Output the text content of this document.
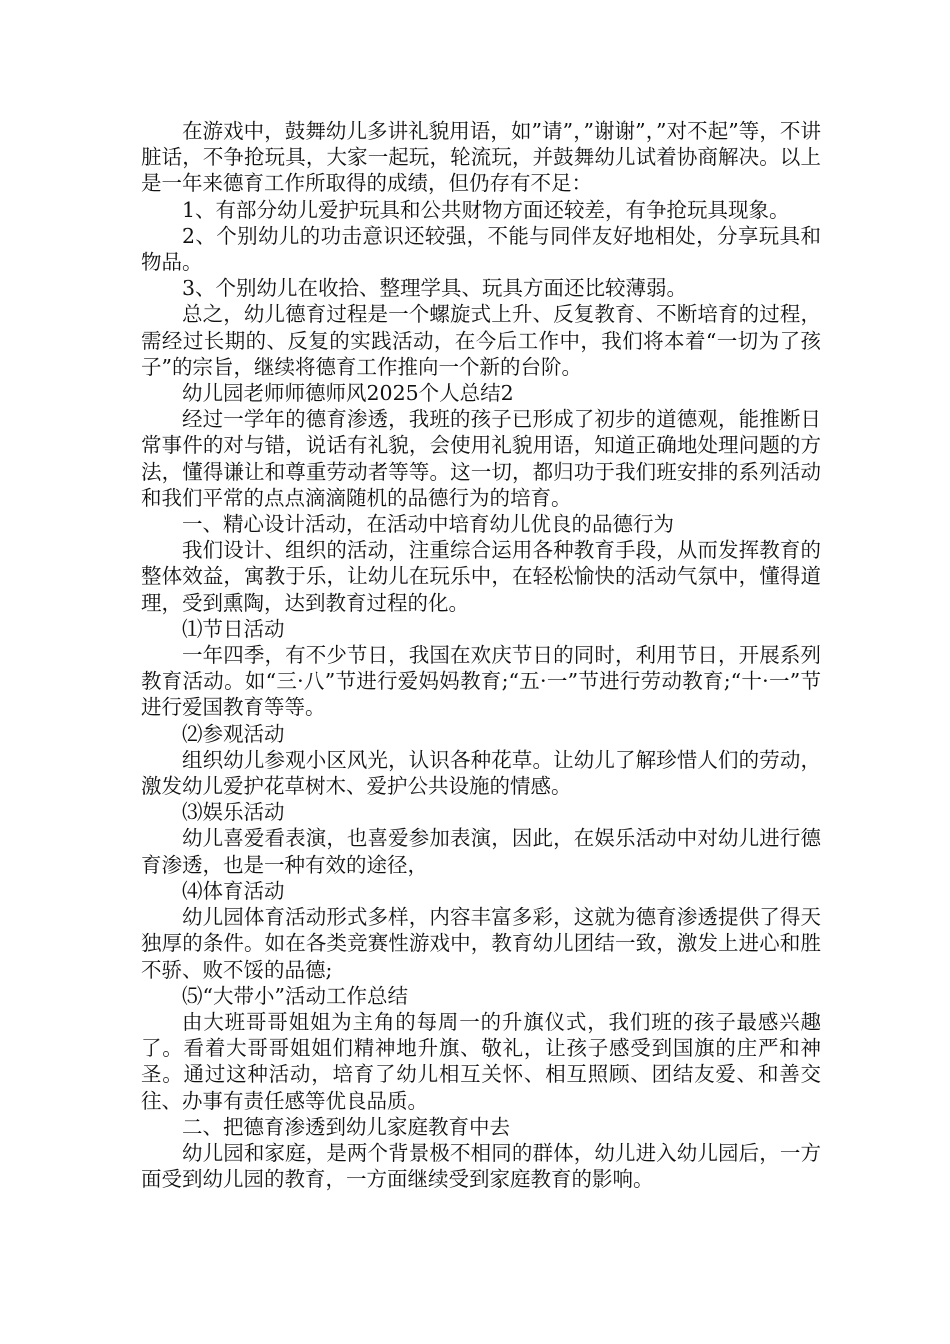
在游戏中，鼓舞幼儿多讲礼貌用语，如”请”，”谢谢”，”对不起”等，不讲脏话，不争抢玩具，大家一起玩，轮流玩，并鼓舞幼儿试着协商解决。以上是一年来德育工作所取得的成绩，但仍存有不足：

1、有部分幼儿爱护玩具和公共财物方面还较差，有争抢玩具现象。

2、个别幼儿的功击意识还较强，不能与同伴友好地相处，分享玩具和物品。

3、个别幼儿在收拾、整理学具、玩具方面还比较薄弱。

总之，幼儿德育过程是一个螺旋式上升、反复教育、不断培育的过程，需经过长期的、反复的实践活动，在今后工作中，我们将本着“一切为了孩子”的宗旨，继续将德育工作推向一个新的台阶。

幼儿园老师师德师风2025个人总结2

经过一学年的德育渗透，我班的孩子已形成了初步的道德观，能推断日常事件的对与错，说话有礼貌，会使用礼貌用语，知道正确地处理问题的方法，懂得谦让和尊重劳动者等等。这一切，都归功于我们班安排的系列活动和我们平常的点点滴滴随机的品德行为的培育。

一、精心设计活动，在活动中培育幼儿优良的品德行为

我们设计、组织的活动，注重综合运用各种教育手段，从而发挥教育的整体效益，寓教于乐，让幼儿在玩乐中，在轻松愉快的活动气氛中，懂得道理，受到熏陶，达到教育过程的化。

⑴节日活动

一年四季，有不少节日，我国在欢庆节日的同时，利用节日，开展系列教育活动。如“三·八”节进行爱妈妈教育;“五·一”节进行劳动教育;“十·一”节进行爱国教育等等。

⑵参观活动

组织幼儿参观小区风光，认识各种花草。让幼儿了解珍惜人们的劳动，激发幼儿爱护花草树木、爱护公共设施的情感。

⑶娱乐活动

幼儿喜爱看表演，也喜爱参加表演，因此，在娱乐活动中对幼儿进行德育渗透，也是一种有效的途径，

⑷体育活动

幼儿园体育活动形式多样，内容丰富多彩，这就为德育渗透提供了得天独厚的条件。如在各类竞赛性游戏中，教育幼儿团结一致，激发上进心和胜不骄、败不馁的品德;

⑸“大带小”活动工作总结

由大班哥哥姐姐为主角的每周一的升旗仪式，我们班的孩子最感兴趣了。看着大哥哥姐姐们精神地升旗、敬礼，让孩子感受到国旗的庄严和神圣。通过这种活动，培育了幼儿相互关怀、相互照顾、团结友爱、和善交往、办事有责任感等优良品质。

二、把德育渗透到幼儿家庭教育中去

幼儿园和家庭，是两个背景极不相同的群体，幼儿进入幼儿园后，一方面受到幼儿园的教育，一方面继续受到家庭教育的影响。
